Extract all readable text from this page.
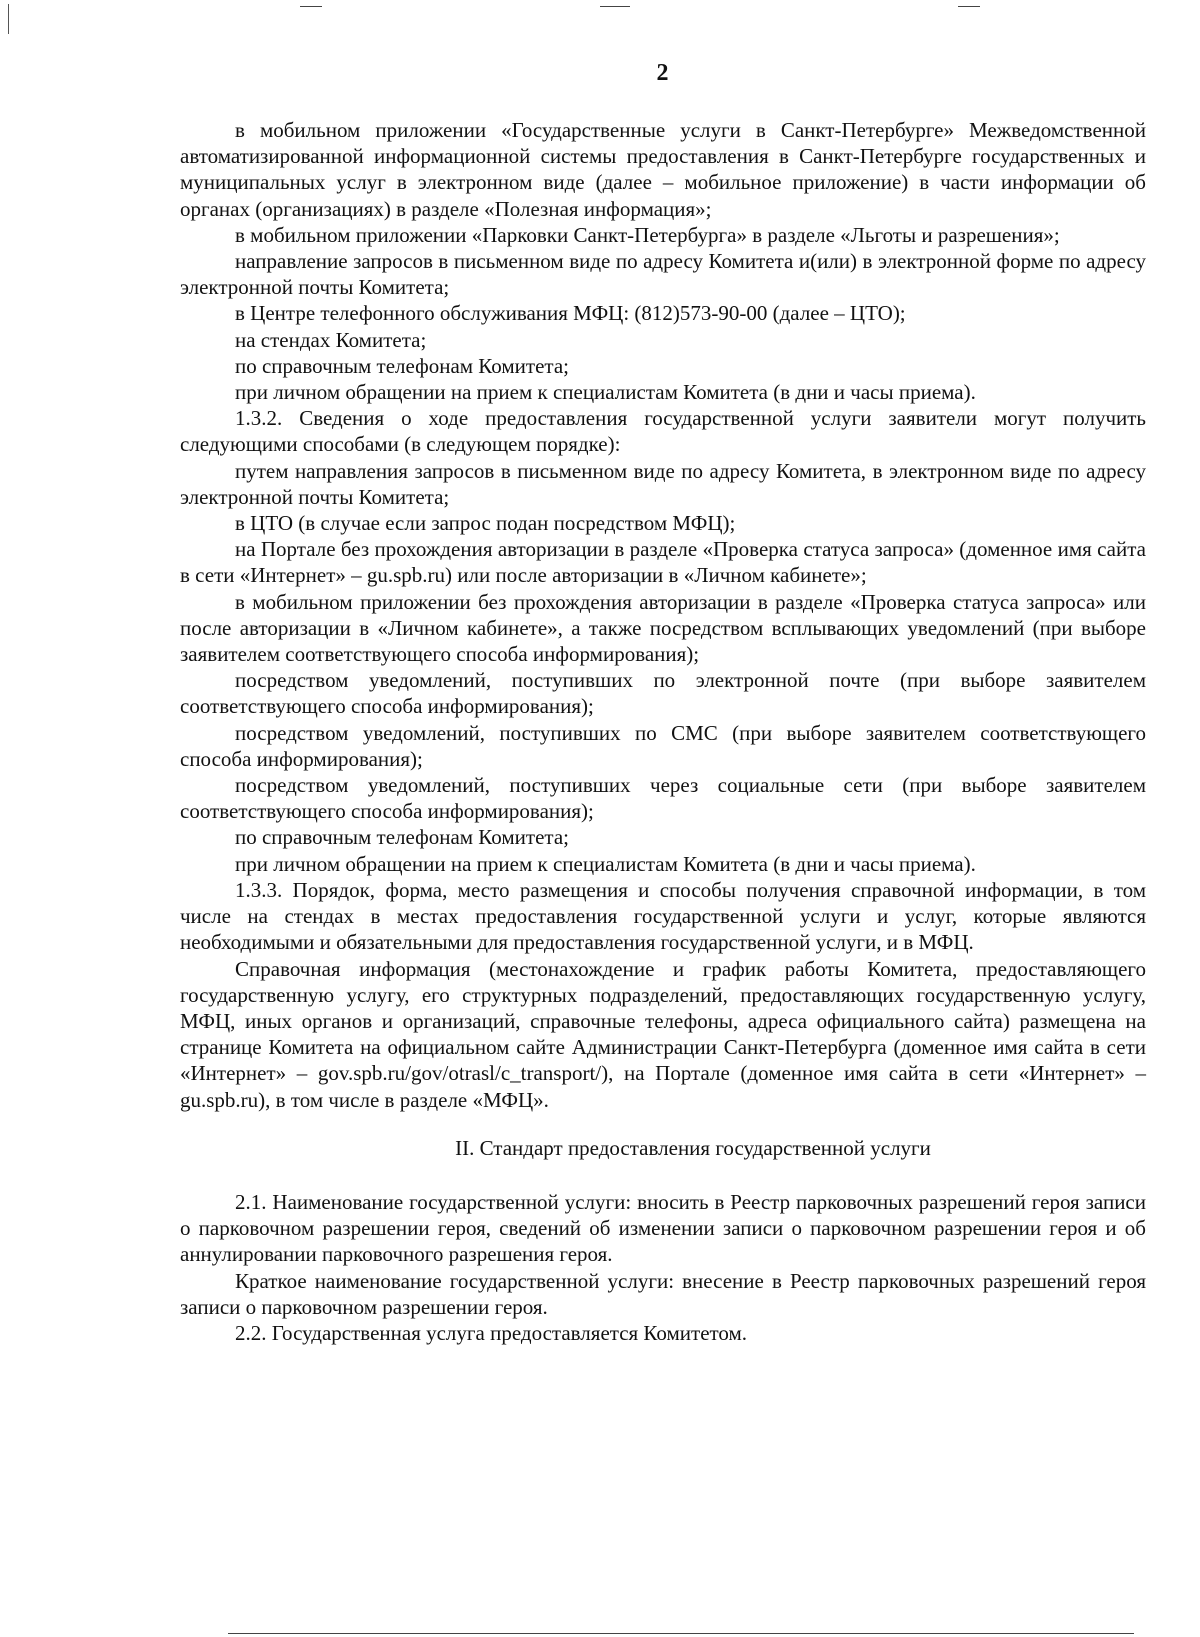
2

в мобильном приложении «Государственные услуги в Санкт-Петербурге» Межведомственной автоматизированной информационной системы предоставления в Санкт-Петербурге государственных и муниципальных услуг в электронном виде (далее – мобильное приложение) в части информации об органах (организациях) в разделе «Полезная информация»;

в мобильном приложении «Парковки Санкт-Петербурга» в разделе «Льготы и разрешения»;

направление запросов в письменном виде по адресу Комитета и(или) в электронной форме по адресу электронной почты Комитета;

в Центре телефонного обслуживания МФЦ: (812)573-90-00 (далее – ЦТО);

на стендах Комитета;

по справочным телефонам Комитета;

при личном обращении на прием к специалистам Комитета (в дни и часы приема).

1.3.2. Сведения о ходе предоставления государственной услуги заявители могут получить следующими способами (в следующем порядке):

путем направления запросов в письменном виде по адресу Комитета, в электронном виде по адресу электронной почты Комитета;

в ЦТО (в случае если запрос подан посредством МФЦ);

на Портале без прохождения авторизации в разделе «Проверка статуса запроса» (доменное имя сайта в сети «Интернет» – gu.spb.ru) или после авторизации в «Личном кабинете»;

в мобильном приложении без прохождения авторизации в разделе «Проверка статуса запроса» или после авторизации в «Личном кабинете», а также посредством всплывающих уведомлений (при выборе заявителем соответствующего способа информирования);

посредством уведомлений, поступивших по электронной почте (при выборе заявителем соответствующего способа информирования);

посредством уведомлений, поступивших по СМС (при выборе заявителем соответствующего способа информирования);

посредством уведомлений, поступивших через социальные сети (при выборе заявителем соответствующего способа информирования);

по справочным телефонам Комитета;

при личном обращении на прием к специалистам Комитета (в дни и часы приема).

1.3.3. Порядок, форма, место размещения и способы получения справочной информации, в том числе на стендах в местах предоставления государственной услуги и услуг, которые являются необходимыми и обязательными для предоставления государственной услуги, и в МФЦ.

Справочная информация (местонахождение и график работы Комитета, предоставляющего государственную услугу, его структурных подразделений, предоставляющих государственную услугу, МФЦ, иных органов и организаций, справочные телефоны, адреса официального сайта) размещена на странице Комитета на официальном сайте Администрации Санкт-Петербурга (доменное имя сайта в сети «Интернет» – gov.spb.ru/gov/otrasl/c_transport/), на Портале (доменное имя сайта в сети «Интернет» – gu.spb.ru), в том числе в разделе «МФЦ».

II. Стандарт предоставления государственной услуги

2.1. Наименование государственной услуги: вносить в Реестр парковочных разрешений героя записи о парковочном разрешении героя, сведений об изменении записи о парковочном разрешении героя и об аннулировании парковочного разрешения героя.

Краткое наименование государственной услуги: внесение в Реестр парковочных разрешений героя записи о парковочном разрешении героя.

2.2. Государственная услуга предоставляется Комитетом.
